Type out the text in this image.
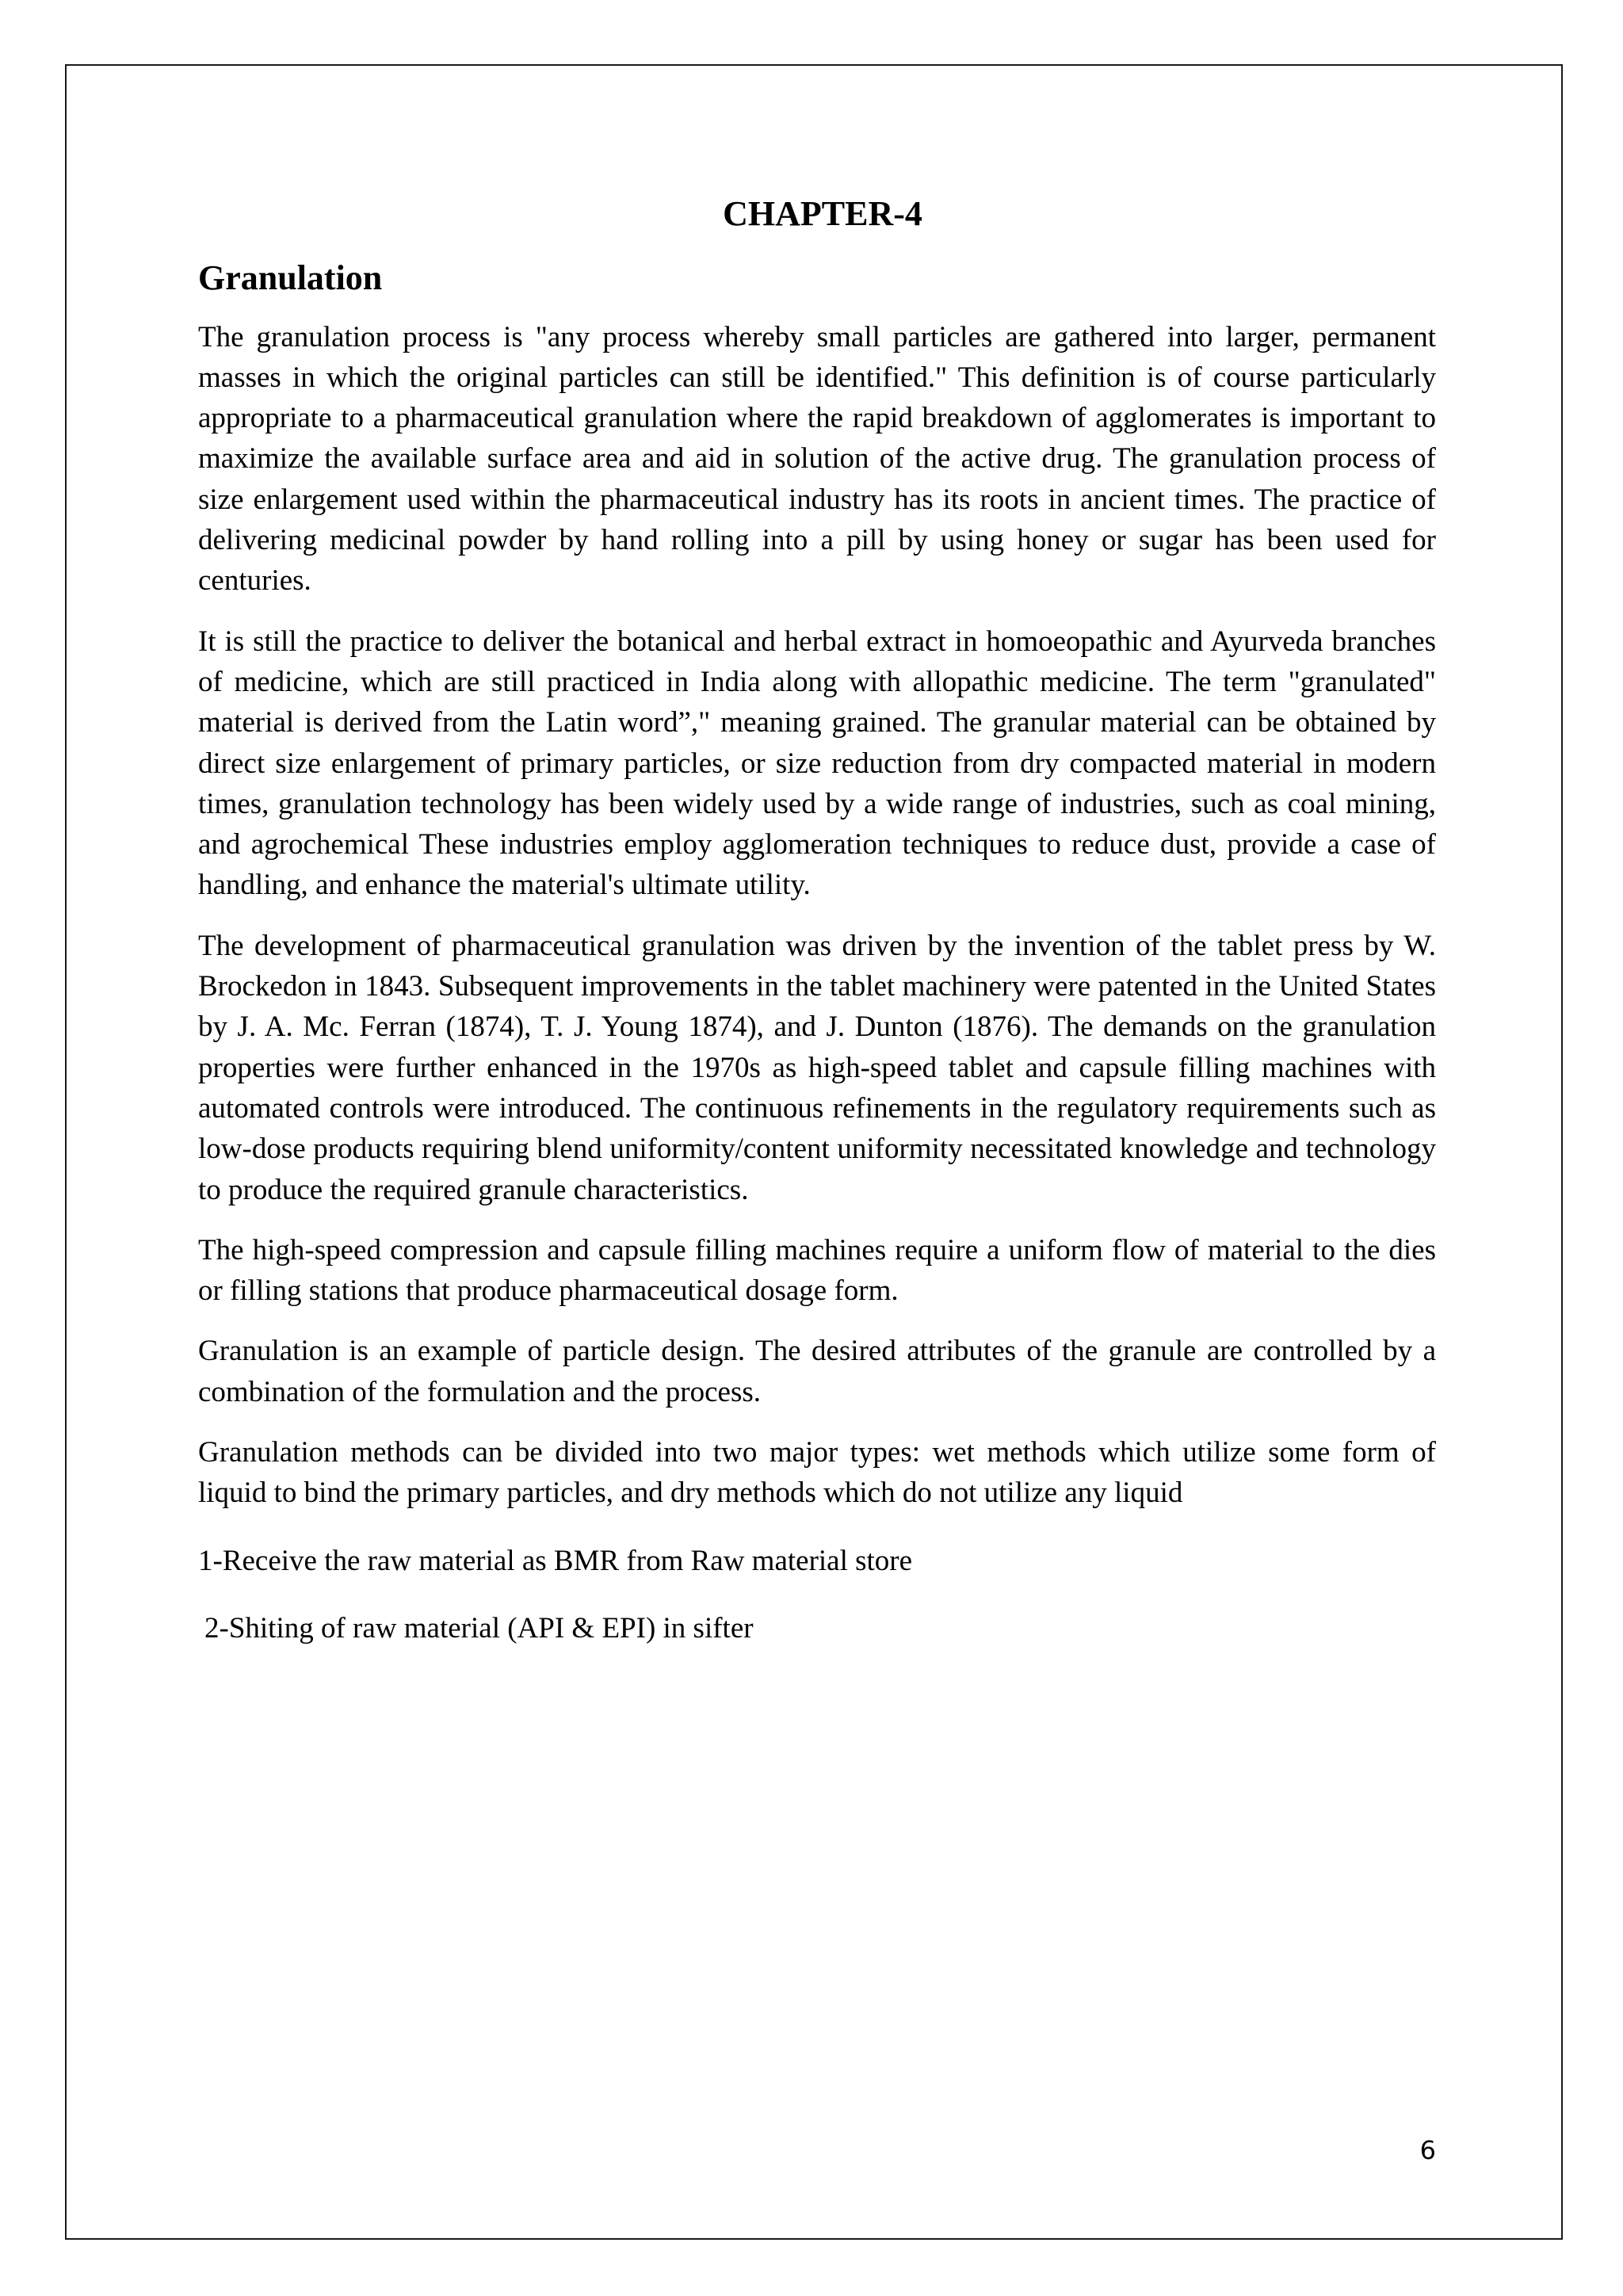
CHAPTER-4
Granulation

The granulation process is "any process whereby small particles are gathered into larger, permanent masses in which the original particles can still be identified." This definition is of course particularly appropriate to a pharmaceutical granulation where the rapid breakdown of agglomerates is important to maximize the available surface area and aid in solution of the active drug. The granulation process of size enlargement used within the pharmaceutical industry has its roots in ancient times. The practice of delivering medicinal powder by hand rolling into a pill by using honey or sugar has been used for centuries.

It is still the practice to deliver the botanical and herbal extract in homoeopathic and Ayurveda branches of medicine, which are still practiced in India along with allopathic medicine. The term "granulated" material is derived from the Latin word”," meaning grained. The granular material can be obtained by direct size enlargement of primary particles, or size reduction from dry compacted material in modern times, granulation technology has been widely used by a wide range of industries, such as coal mining, and agrochemical These industries employ agglomeration techniques to reduce dust, provide a case of handling, and enhance the material's ultimate utility.

The development of pharmaceutical granulation was driven by the invention of the tablet press by W. Brockedon in 1843. Subsequent improvements in the tablet machinery were patented in the United States by J. A. Mc. Ferran (1874), T. J. Young 1874), and J. Dunton (1876). The demands on the granulation properties were further enhanced in the 1970s as high-speed tablet and capsule filling machines with automated controls were introduced. The continuous refinements in the regulatory requirements such as low-dose products requiring blend uniformity/content uniformity necessitated knowledge and technology to produce the required granule characteristics.

The high-speed compression and capsule filling machines require a uniform flow of material to the dies or filling stations that produce pharmaceutical dosage form.

Granulation is an example of particle design. The desired attributes of the granule are controlled by a combination of the formulation and the process.

Granulation methods can be divided into two major types: wet methods which utilize some form of liquid to bind the primary particles, and dry methods which do not utilize any liquid

1-Receive the raw material as BMR from Raw material store

2-Shiting of raw material (API & EPI) in sifter

6
